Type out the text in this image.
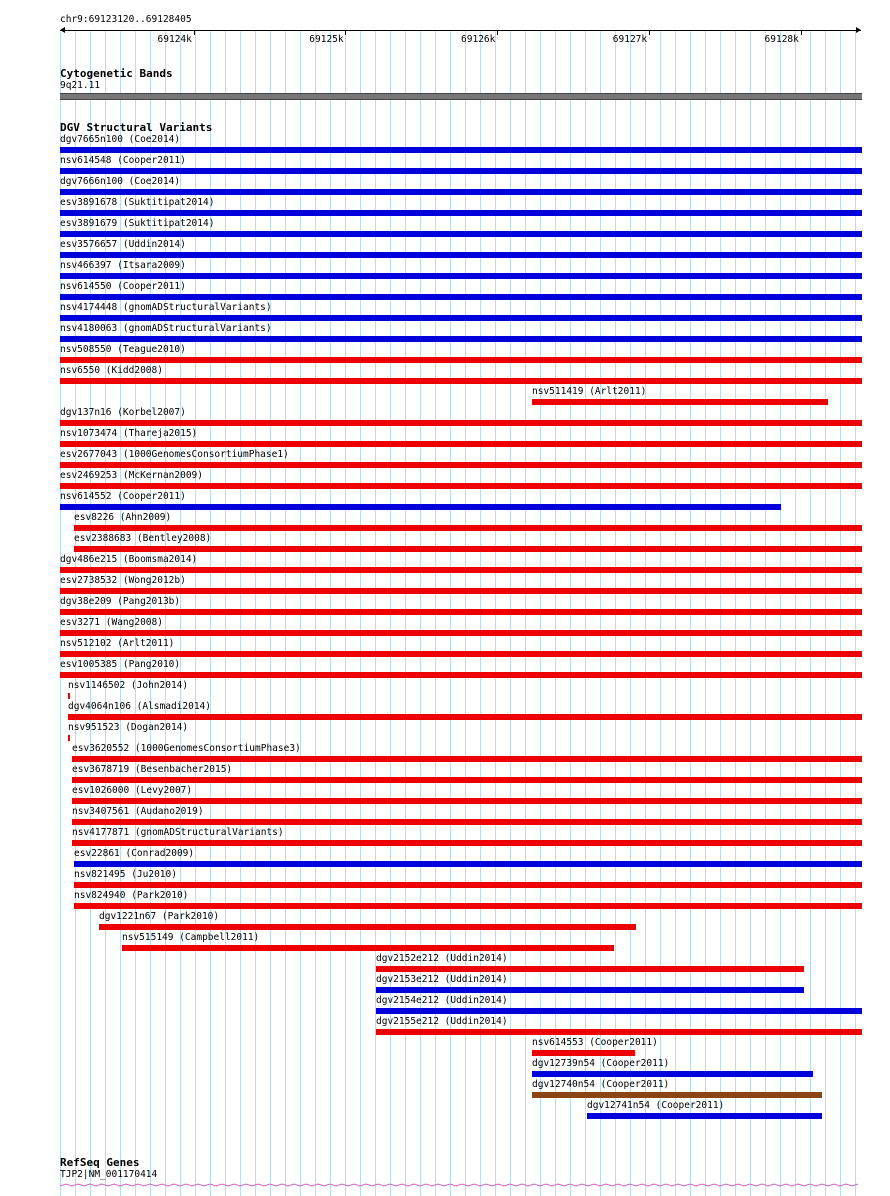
chr9:69123120..69128405
69124k	69125k	69126k	69127k	69128k
Cytogenetic Bands
9q21.11
DGV Structural Variants
dgv7665n100 (Coe2014)
nsv614548 (Cooper2011)
dgv7666n100 (Coe2014)
esv3891678 (Suktitipat2014)
esv3891679 (Suktitipat2014)
esv3576657 (Uddin2014)
nsv466397 (Itsara2009)
nsv614550 (Cooper2011)
nsv4174448 (gnomADStructuralVariants)
nsv4180063 (gnomADStructuralVariants)
nsv508550 (Teague2010)
nsv6550 (Kidd2008)
nsv511419 (Arlt2011)
dgv137n16 (Korbel2007)
nsv1073474 (Thareja2015)
esv2677043 (1000GenomesConsortiumPhase1)
esv2469253 (McKernan2009)
nsv614552 (Cooper2011)
esv8226 (Ahn2009)
esv2388683 (Bentley2008)
dgv486e215 (Boomsma2014)
esv2738532 (Wong2012b)
dgv38e209 (Pang2013b)
esv3271 (Wang2008)
nsv512102 (Arlt2011)
esv1005385 (Pang2010)
nsv1146502 (John2014)
dgv4064n106 (Alsmadi2014)
nsv951523 (Dogan2014)
esv3620552 (1000GenomesConsortiumPhase3)
esv3678719 (Besenbacher2015)
esv1026000 (Levy2007)
nsv3407561 (Audano2019)
nsv4177871 (gnomADStructuralVariants)
esv22861 (Conrad2009)
nsv821495 (Ju2010)
nsv824940 (Park2010)
dgv1221n67 (Park2010)
nsv515149 (Campbell2011)
dgv2152e212 (Uddin2014)
dgv2153e212 (Uddin2014)
dgv2154e212 (Uddin2014)
dgv2155e212 (Uddin2014)
nsv614553 (Cooper2011)
dgv12739n54 (Cooper2011)
dgv12740n54 (Cooper2011)
dgv12741n54 (Cooper2011)
RefSeq Genes
TJP2|NM_001170414
